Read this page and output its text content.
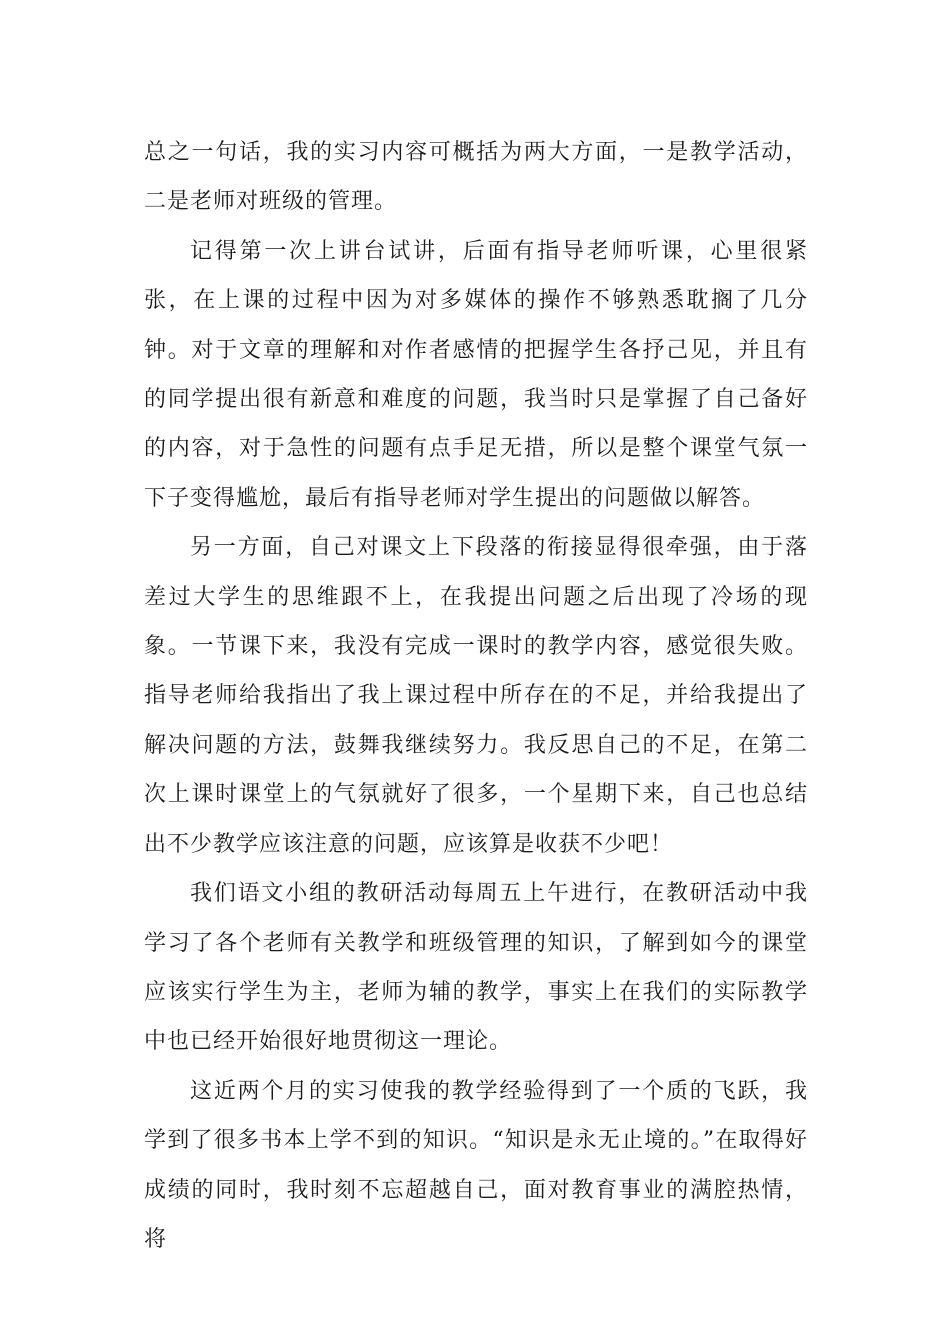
总之一句话，我的实习内容可概括为两大方面，一是教学活动，二是老师对班级的管理。

记得第一次上讲台试讲，后面有指导老师听课，心里很紧张，在上课的过程中因为对多媒体的操作不够熟悉耽搁了几分钟。对于文章的理解和对作者感情的把握学生各抒己见，并且有的同学提出很有新意和难度的问题，我当时只是掌握了自己备好的内容，对于急性的问题有点手足无措，所以是整个课堂气氛一下子变得尴尬，最后有指导老师对学生提出的问题做以解答。

另一方面，自己对课文上下段落的衔接显得很牵强，由于落差过大学生的思维跟不上，在我提出问题之后出现了冷场的现象。一节课下来，我没有完成一课时的教学内容，感觉很失败。指导老师给我指出了我上课过程中所存在的不足，并给我提出了解决问题的方法，鼓舞我继续努力。我反思自己的不足，在第二次上课时课堂上的气氛就好了很多，一个星期下来，自己也总结出不少教学应该注意的问题，应该算是收获不少吧！

我们语文小组的教研活动每周五上午进行，在教研活动中我学习了各个老师有关教学和班级管理的知识，了解到如今的课堂应该实行学生为主，老师为辅的教学，事实上在我们的实际教学中也已经开始很好地贯彻这一理论。

这近两个月的实习使我的教学经验得到了一个质的飞跃，我学到了很多书本上学不到的知识。“知识是永无止境的。”在取得好成绩的同时，我时刻不忘超越自己，面对教育事业的满腔热情，将
